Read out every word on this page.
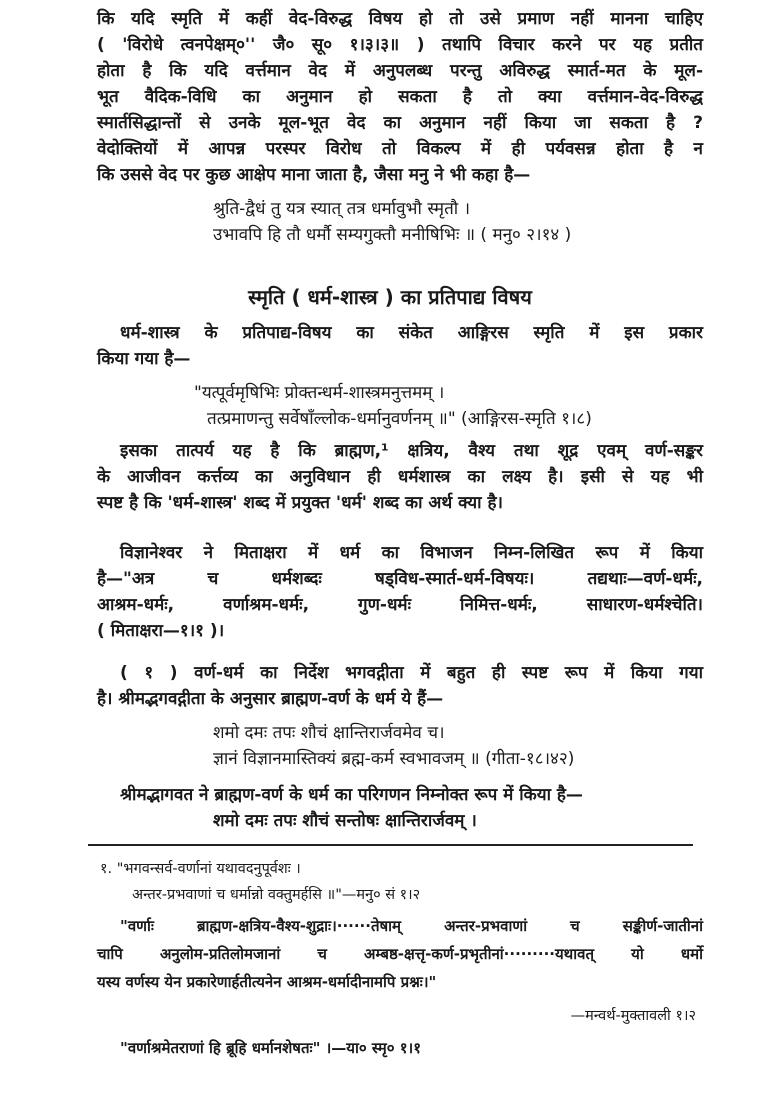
कि यदि स्मृति में कहीं वेद-विरुद्ध विषय हो तो उसे प्रमाण नहीं मानना चाहिए
( 'विरोधे त्वनपेक्षम्०'' जै० सू० १।३।३॥ ) तथापि विचार करने पर यह प्रतीत
होता है कि यदि वर्त्तमान वेद में अनुपलब्ध परन्तु अविरुद्ध स्मार्त-मत के मूल-
भूत वैदिक-विधि का अनुमान हो सकता है तो क्या वर्त्तमान-वेद-विरुद्ध
स्मार्तसिद्धान्तों से उनके मूल-भूत वेद का अनुमान नहीं किया जा सकता है ?
वेदोक्तियों में आपन्न परस्पर विरोध तो विकल्प में ही पर्यवसन्न होता है न
कि उससे वेद पर कुछ आक्षेप माना जाता है, जैसा मनु ने भी कहा है—
श्रुति-द्वैधं तु यत्र स्यात् तत्र धर्मावुभौ स्मृतौ ।
उभावपि हि तौ धर्मौ सम्यगुक्तौ मनीषिभिः ॥ ( मनु० २।१४ )
स्मृति ( धर्म-शास्त्र ) का प्रतिपाद्य विषय
धर्म-शास्त्र के प्रतिपाद्य-विषय का संकेत आङ्गिरस स्मृति में इस प्रकार
किया गया है—
"यत्पूर्वमृषिभिः प्रोक्तन्धर्म-शास्त्रमनुत्तमम् ।
तत्प्रमाणन्तु सर्वेषाँल्लोक-धर्मानुवर्णनम् ॥" (आङ्गिरस-स्मृति १।८)
इसका तात्पर्य यह है कि ब्राह्मण,¹ क्षत्रिय, वैश्य तथा शूद्र एवम् वर्ण-सङ्कर
के आजीवन कर्त्तव्य का अनुविधान ही धर्मशास्त्र का लक्ष्य है। इसी से यह भी
स्पष्ट है कि 'धर्म-शास्त्र' शब्द में प्रयुक्त 'धर्म' शब्द का अर्थ क्या है।
विज्ञानेश्वर ने मिताक्षरा में धर्म का विभाजन निम्न-लिखित रूप में किया
है—"अत्र च धर्मशब्दः षड्विध-स्मार्त-धर्म-विषयः। तद्यथाः—वर्ण-धर्मः,
आश्रम-धर्मः, वर्णाश्रम-धर्मः, गुण-धर्मः निमित्त-धर्मः, साधारण-धर्मश्चेति।
( मिताक्षरा—१।१ )।
( १ ) वर्ण-धर्म का निर्देश भगवद्गीता में बहुत ही स्पष्ट रूप में किया गया
है। श्रीमद्भगवद्गीता के अनुसार ब्राह्मण-वर्ण के धर्म ये हैं—
शमो दमः तपः शौचं क्षान्तिरार्जवमेव च।
ज्ञानं विज्ञानमास्तिक्यं ब्रह्म-कर्म स्वभावजम् ॥ (गीता-१८।४२)
श्रीमद्भागवत ने ब्राह्मण-वर्ण के धर्म का परिगणन निम्नोक्त रूप में किया है—
शमो दमः तपः शौचं सन्तोषः क्षान्तिरार्जवम् ।
१. "भगवन्सर्व-वर्णानां यथावदनुपूर्वशः ।
अन्तर-प्रभवाणां च धर्मान्नो वक्तुमर्हसि ॥"—मनु० सं १।२
"वर्णाः ब्राह्मण-क्षत्रिय-वैश्य-शुद्राः।······तेषाम् अन्तर-प्रभवाणां च सङ्कीर्ण-जातीनां
चापि अनुलोम-प्रतिलोमजानां च अम्बष्ठ-क्षत्तृ-कर्ण-प्रभृतीनां·········यथावत् यो धर्मो
यस्य वर्णस्य येन प्रकारेणार्हतीत्यनेन आश्रम-धर्मादीनामपि प्रश्नः।"
—मन्वर्थ-मुक्तावली १।२
"वर्णाश्रमेतराणां हि ब्रूहि धर्मानशेषतः" ।—या० स्मृ० १।१
